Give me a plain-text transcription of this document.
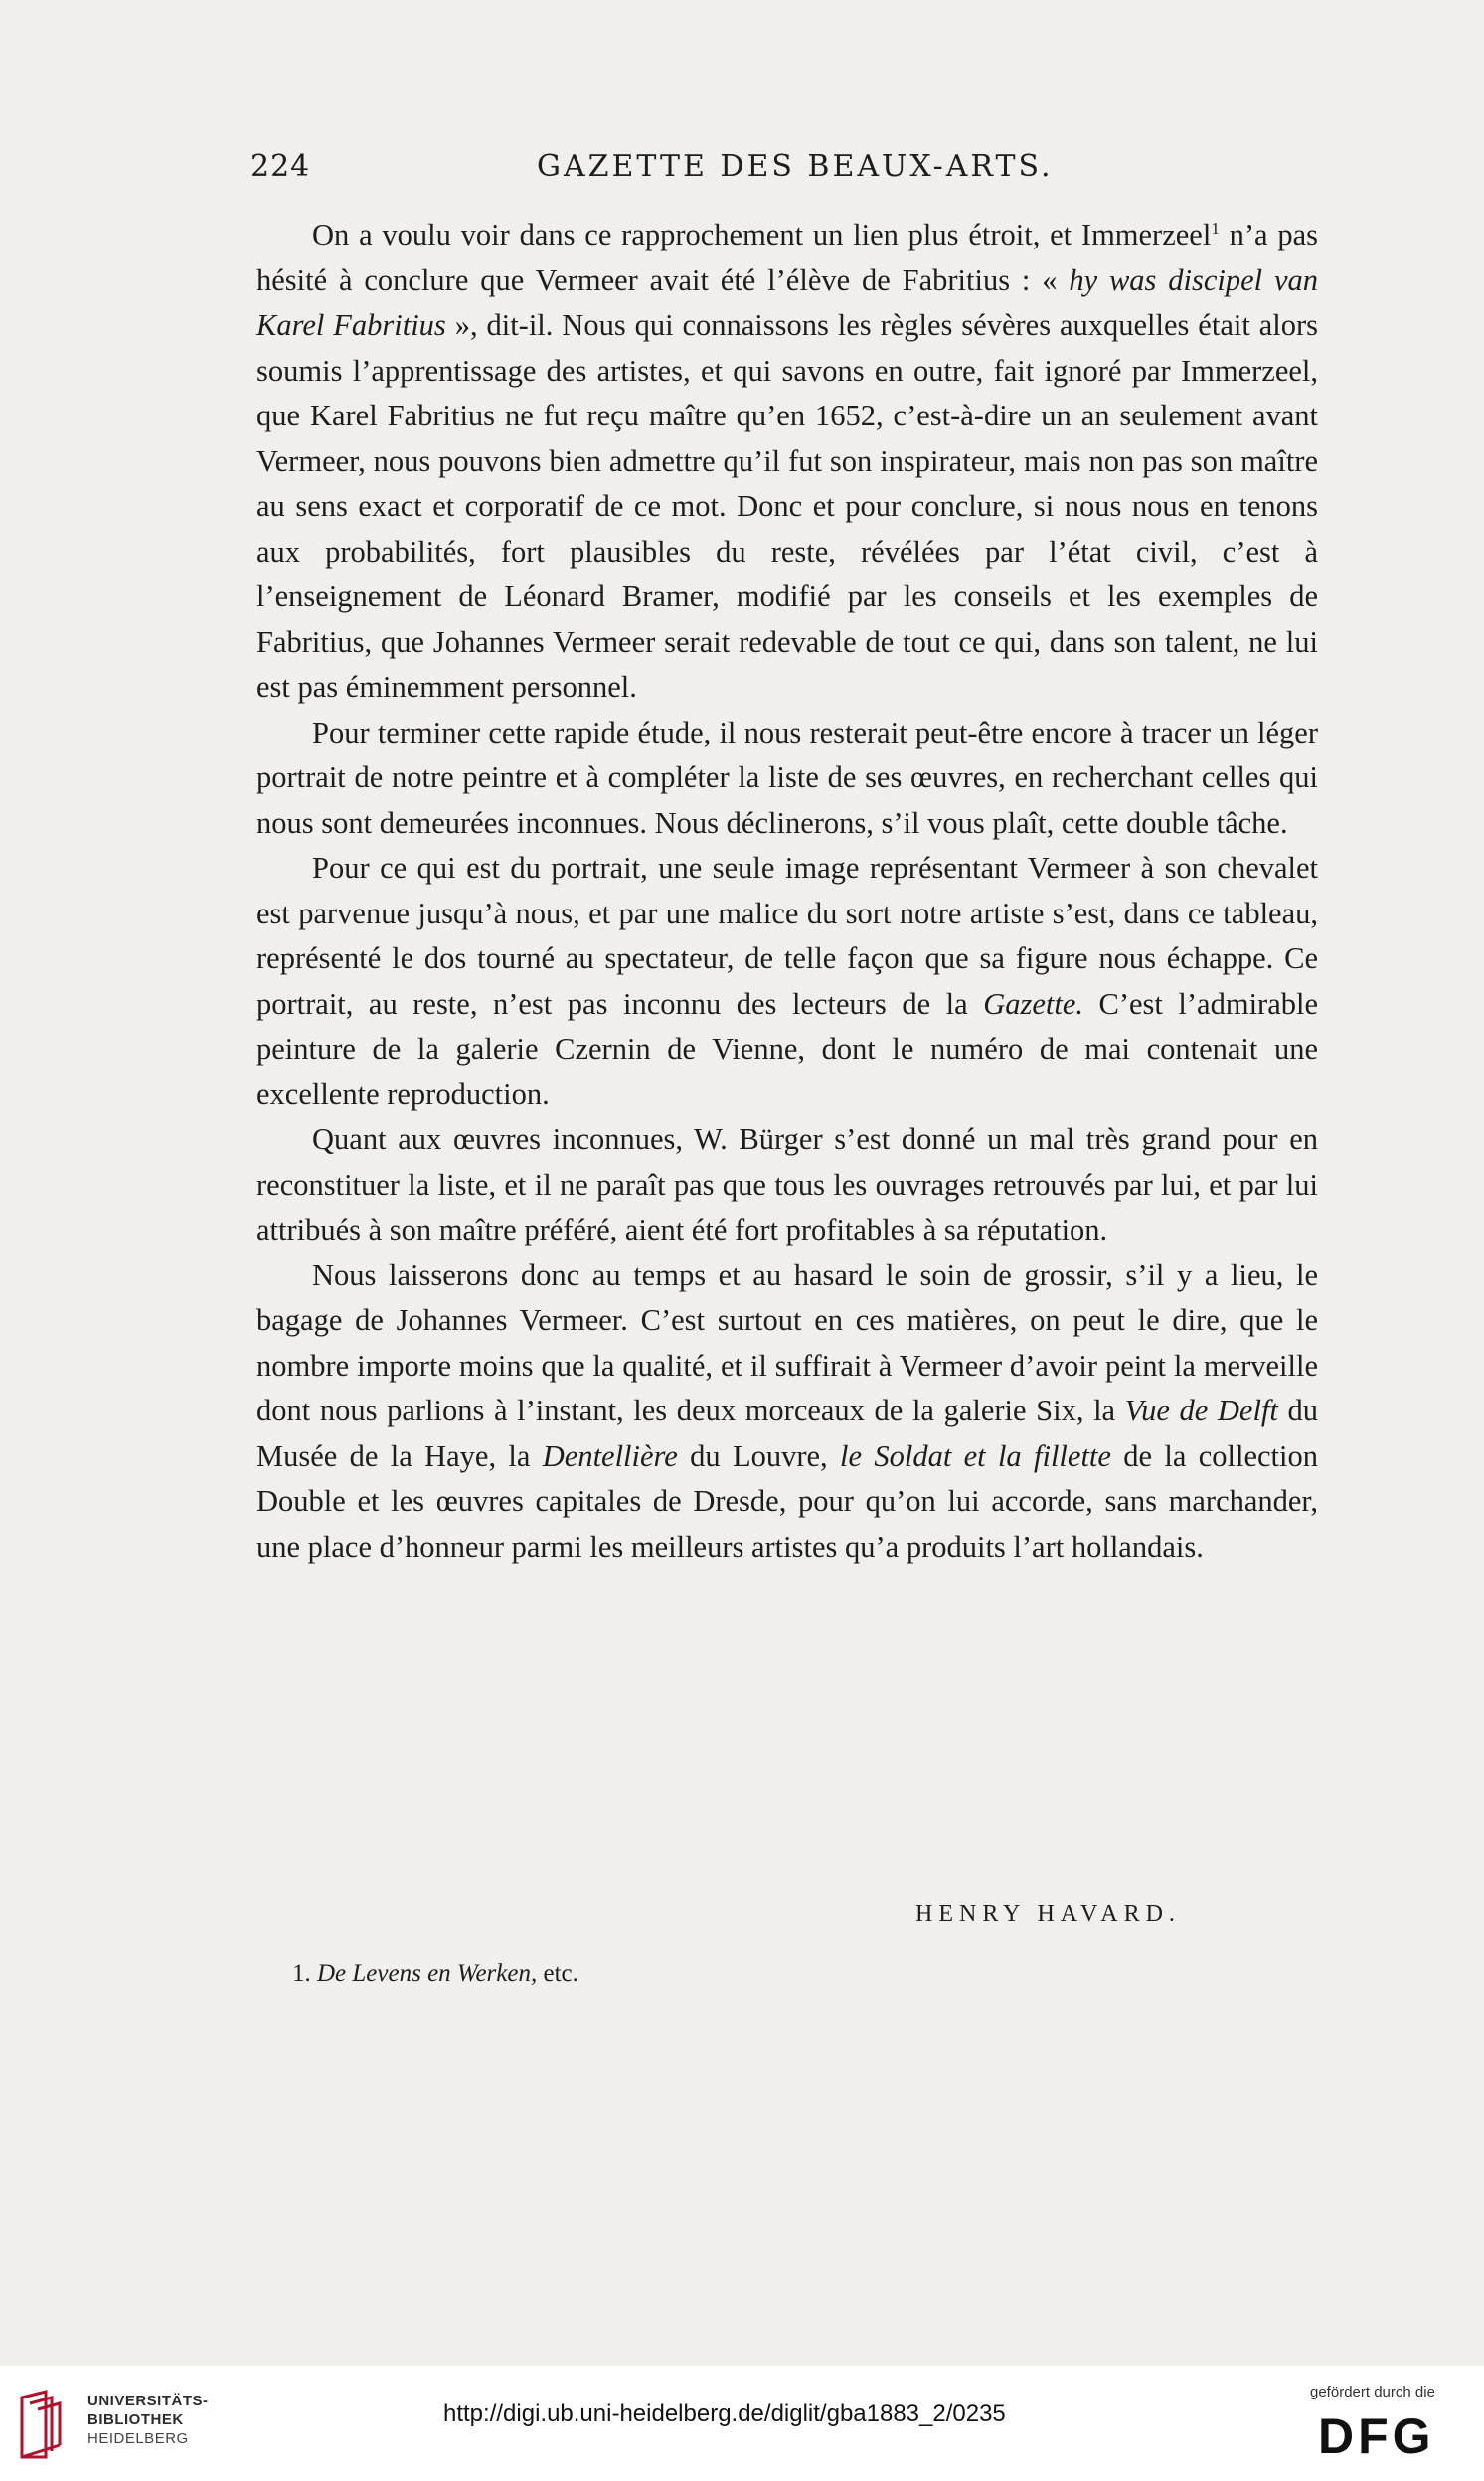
224	GAZETTE DES BEAUX-ARTS.

On a voulu voir dans ce rapprochement un lien plus étroit, et Immerzeel$^1$ n’a pas hésité à conclure que Vermeer avait été l’élève de Fabritius : « hy was discipel van Karel Fabritius », dit-il. Nous qui connaissons les règles sévères auxquelles était alors soumis l’apprentissage des artistes, et qui savons en outre, fait ignoré par Immerzeel, que Karel Fabritius ne fut reçu maître qu’en 1652, c’est-à-dire un an seulement avant Vermeer, nous pouvons bien admettre qu’il fut son inspirateur, mais non pas son maître au sens exact et corporatif de ce mot. Donc et pour conclure, si nous nous en tenons aux probabilités, fort plausibles du reste, révélées par l’état civil, c’est à l’enseignement de Léonard Bramer, modifié par les conseils et les exemples de Fabritius, que Johannes Vermeer serait redevable de tout ce qui, dans son talent, ne lui est pas éminemment personnel.

Pour terminer cette rapide étude, il nous resterait peut-être encore à tracer un léger portrait de notre peintre et à compléter la liste de ses œuvres, en recherchant celles qui nous sont demeurées inconnues. Nous déclinerons, s’il vous plaît, cette double tâche.

Pour ce qui est du portrait, une seule image représentant Vermeer à son chevalet est parvenue jusqu’à nous, et par une malice du sort notre artiste s’est, dans ce tableau, représenté le dos tourné au spectateur, de telle façon que sa figure nous échappe. Ce portrait, au reste, n’est pas inconnu des lecteurs de la Gazette. C’est l’admirable peinture de la galerie Czernin de Vienne, dont le numéro de mai contenait une excellente reproduction.

Quant aux œuvres inconnues, W. Bürger s’est donné un mal très grand pour en reconstituer la liste, et il ne paraît pas que tous les ouvrages retrouvés par lui, et par lui attribués à son maître préféré, aient été fort profitables à sa réputation.

Nous laisserons donc au temps et au hasard le soin de grossir, s’il y a lieu, le bagage de Johannes Vermeer. C’est surtout en ces matières, on peut le dire, que le nombre importe moins que la qualité, et il suffirait à Vermeer d’avoir peint la merveille dont nous parlions à l’instant, les deux morceaux de la galerie Six, la Vue de Delft du Musée de la Haye, la Dentellière du Louvre, le Soldat et la fillette de la collection Double et les œuvres capitales de Dresde, pour qu’on lui accorde, sans marchander, une place d’honneur parmi les meilleurs artistes qu’a produits l’art hollandais.

HENRY HAVARD.
1. De Levens en Werken, etc.
UNIVERSITÄTS-
BIBLIOTHEK
HEIDELBERG
http://digi.ub.uni-heidelberg.de/diglit/gba1883_2/0235
gefördert durch die
DFG
